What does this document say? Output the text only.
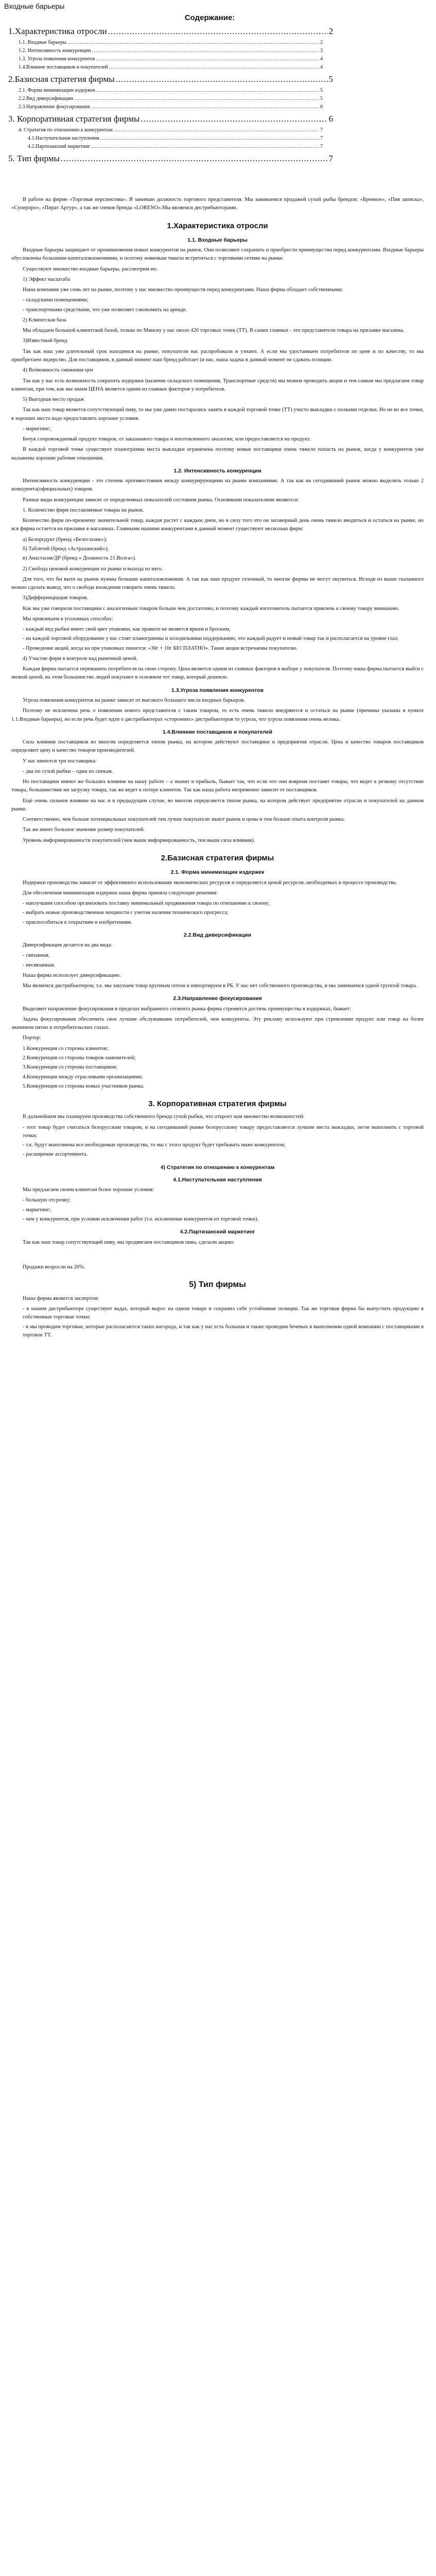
Входные барьеры
Содержание:
1.Характеристика отросли .....	2
1.1. Входные барьеры .....	2
1.2. Интенсивность конкуренции .....	3
1.3. Угроза появления конкурентов .....	4
1.4.Влияние поставщиков и покупателей .....	4
2.Базисная стратегия фирмы .....	5
2.1. Форма минимизации издержек .....	5
2.2.Вид диверсификации .....	5
2.3.Направление фокусирования .....	6
3. Корпоративная стратегия фирмы .....	6
4. Стратегия по отношению к конкурентам .....	7
4.1.Наступательная наступления .....	7
4.2.Партизанский маркетинг .....	7
5. Тип фирмы .....	7

В работе на фирме «Торговая перспектива». Я занимаю должность торгового представителя. Мы занимаемся продажей сухой рыбы брендов: «Бренное», «Пив записка», «Суперпро», «Пират Артур», а так же снеков бренда «LORENO».Мы являемся дистрибьюторами.

1.Характеристика отросли
1.1. Входные барьеры

Входные барьеры защищают от проникновения новых конкурентов на рынок. Они позволяют сохранить и приобрести преимущества перед конкурентами. Входные барьеры обусловлены большими капиталовложениями, и поэтому новичкам тяжело встретиться с торговыми сетями на рынке.

Существуют множество входные барьеры, рассмотрим их:

1) Эффект масштаба

Наша компания уже семь лет на рынке, поэтому у нас множество преимуществ перед конкурентами. Наша фирма обладает собственными:

- складскими помещениями;
- транспортными средствами, что уже позволяет сэкономить на аренде.

2) Клиентская база

Мы обладаем большой клиентской базой, только по Минску у нас около 420 торговых точек (ТТ). В самих главных - это представители товара на прилавке магазина.

3)Известный бренд

Так как наш уже длительный срок находимся на рынке, покупатели нас распробовали и узнают. А если мы удостаиваем потребителя по цене и по качеству, то мы приобретаем лидерство. Для поставщиков, в данный момент наш бренд работает (и нас, наша задача в данный момент не сдавать позиции.

4) Возможность снижения цен

Так как у нас есть возможность сократить издержки (наличие складского помещения, Транспортные средств) мы можем проводить акции и тем самым мы предлагаем товар клиентам, при том, как мы знаем ЦЕНА является одним из главных факторов у потребителя.

5) Выгодная место продаж

Так как наш товар является сопутствующий пиву, то мы уже давно постарались занять в каждой торговой точке (ТТ) участо выкладки с полками отделки. Но не во все точки, в хороших места надо предоставлять хорошие условия.

- маркетинг;

Бечук сопровождаемый продукт товаров, от заказанного товара и изготовленного аналогии, или предоставляется на продукт.

В каждой торговой точке существует планограмма места выкладки ограничена поэтому новые поставщики очень тяжело попасть на рынок, когда у конкурентов уже налажены хорошие рабочие отношения.

1.2. Интенсивность конкуренции

Интенсивность конкуренции - это степень противостояния между конкурирующими на рынке компаниями. А так как на сегодняшний рынок можно выделить только 2 конкурента(официальных) товаров.

Разные виды конкуренции зависят от определенных показателей состояния рынка. Основными показателями являются:

1. Количество фирм поставляемые товары на рынок.

Количество фирм по-прежнему значительной товар, каждая растет с каждым днем, но в силу того что он заговорный день очень тяжело вводиться и остаться на рынке, но вся фирма остается на прилавке в магазинах. Главными нашими конкурентами в данный момент существуют несколько фирм:

a) Белпродукт (бренд «Белоглазик»);
б) Таблетей (бренд «Астраханский»);
в) Анастасия/ДР (бренд « Должность 21.Волгa»).

2) Свобода ценовой конкуренции по рынке и выхода из него.

Для того, что бы выти на рынок нужны большие капиталовложения. А так как наш продукт сезонный, то многие фирмы не могут окупиться. Исходя из выше сказанного можно сделать вывод, что о свободе вхождения говорить очень тяжело.

3)Дифференциация товаров.

Как мы уже говорили поставщики с аналогичным товаром больше чем достаточно, и поэтому каждый изготовитель пытается привлечь к своему товару вниманию.

Мы привлекаем в уголовных способах:

- каждый вид рыбки имеет свой цвет упаковки, как правило не является ярким и броским;
- на каждой торговой оборудование у нас стоят планограммы и холодильники поддержанию, что каждый радует и новый товар так и располагается на уровне глаз;
- Проведение акций, когда на при упаковках пишется: «30г + 10г БЕСПЛАТНО». Такие акции встречаемы покупателю.

4) Участие фирм в контроле над рыночной ценой.

Каждая фирма пытается переманить потребителя на свою сторону. Цена является одним из главных факторов в выборе у покупателя. Поэтому наша фирма пытается выйти с низкой ценой, на этом большинство людей покупают в основном тот товар, который дешевле.

1.3.Угроза появления конкурентов

Угроза появления конкурентов на рынке зависят от высокого большего числа входных барьеров.

Поэтому не исключена речь о появлении нового представителя с таким товаром, то есть очень тяжело внедряются и остаться на рынке (причины указаны в пункте 1.1.Входные барьеры), но если речь будет идти о дистрибьютерах «сторонних» дистрибьюторов то угроза, что угроза появления очень велика.

1.4.Влияние поставщиков и покупателей

Сила влияния поставщиков во многом определяется типом рынка, на котором действуют поставщики и предприятия отрасли. Цена и качество товаров поставщиков определяют цену и качество товаров производителей.

У нас имеются три поставщика:

- два по сухой рыбки – один по снекам.

Но поставщики имеют же больших влияние на нашу работе – а значит и прибыль, бывает так, что если что они вовремя поставят товары, что ведет к резкому отсутствие товара, большинствие ни загрузку товара, так же ведет к потере клиентов. Так как наша работа непременно зависит от поставщиков.

Ещё очень сильное влияние на нас и в предыдущим случае, во многом определяется типом рынка, на котором действует предприятие отрасли и покупателей на данном рынке.

Соответственно, чем больше потенциальных покупателей тем лучше покупатели знают рынок и цены и тем больше опыта контроля рынка.

Так же имеет большое значение размер покупателей.

Уровень информированности покупателей (чем выше информированность, тем выше сила влияния).

2.Базисная стратегия фирмы
2.1. Форма минимизации издержек

Издержки производства зависят от эффективного использования экономических ресурсов и определяется ценой ресурсов, необходимых в процессе производства.

Для обеспечения минимизации издержек наша фирма приняла следующие решения:

- наилучшим способом организовать поставку минимальный продвижения товара по отношению к своему;
- выбрать новые производственные мощности с учетом наличия технического прогресса;
- приспособиться к открытиям и изобретениям.
2.2.Вид диверсификации

Диверсификация делается на два вида:

- связанная,
- несвязанная.

Наша фирма использует диверсификацию.

Мы являемся дистрибьютером, т.е. мы закупаем товар крупным оптом и импортируем в РБ. У нас нет собственного производства, и мы занимаемся одной группой товара.

2.3.Направление фокусирования

Выделяют направление фокусирования в пределах выбранного сегмента рынка фирма стремится достичь преимущества в издержках, бывает:

Задача фокусирования обеспечить свое лучшие обслуживание потребителей, чем конкуренты. Эту рекламу используют при стремлении продукт или товар на более значимом пятно в потребительских глазах.

Портер:

1.Конкуренция со стороны клиентов;
2.Конкуренция со стороны товаров-заменителей;
3.Конкуренция со стороны поставщиков;
4.Конкуренция между отраслевыми организациями;
5.Конкуренция со стороны новых участников рынка.
3. Корпоративная стратегия фирмы

В дальнейшем мы планируем производства собственного бренда сухой рыбки, что откроет нам множество возможностей:

- этот товар будет считаться белорусским товаром, и на сегодняшний рынке белорусскому товару предоставляется лучшие места выкладки, легче выполнить с торговой точки;
- т.к. будут выполнены все необходимые производства, то мы с этого продукт будет пребывать ниже конкурентом;
- расширение ассортимента.
4) Стратегия по отношению к конкурентам
4.1.Наступательная наступления

Мы предлагаем своим клиентам более хорошие условия:

- большую отсрочку;
- маркетинг;
- чем у конкурентов, при условии исключения работ (т.е. исключение конкурентов из торговой точки).
4.2.Партизанский маркетинг

Так как наш товар сопутствующий пиву, мы продвигаем поставщиков пива, сделали акцию:

Продажи возросли на 20%.

5) Тип фирмы

Наша фирма является экспертом:

- в нашем дистрибьюторе существует вадах, который вырос на одном товаре и сохранил себе устойчивые позиции. Так же торговая фирма бы выпустить продукцию в собственные торговые точки;
- в мы проводим торговые, которые располагаются таких нагорода, и так как у нас есть большая и также проводим бечевых в выполнении одной компании с поставщиками в торговле ТТ.
